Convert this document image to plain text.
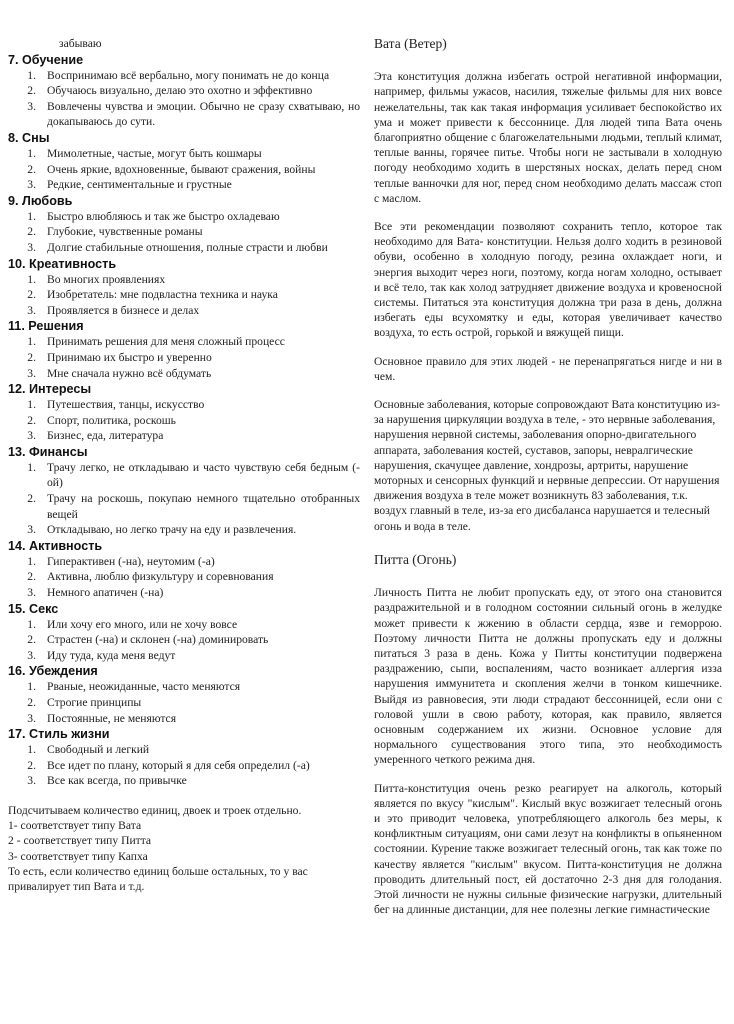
забываю
7. Обучение
1. Воспринимаю всё вербально, могу понимать не до конца
2. Обучаюсь визуально, делаю это охотно и эффективно
3. Вовлечены чувства и эмоции. Обычно не сразу схватываю, но докапываюсь до сути.
8. Сны
1. Мимолетные, частые, могут быть кошмары
2. Очень яркие, вдохновенные, бывают сражения, войны
3. Редкие, сентиментальные и грустные
9. Любовь
1. Быстро влюбляюсь и так же быстро охладеваю
2. Глубокие, чувственные романы
3. Долгие стабильные отношения, полные страсти и любви
10. Креативность
1. Во многих проявлениях
2. Изобретатель: мне подвластна техника и наука
3. Проявляется в бизнесе и делах
11. Решения
1. Принимать решения для меня сложный процесс
2. Принимаю их быстро и уверенно
3. Мне сначала нужно всё обдумать
12. Интересы
1. Путешествия, танцы, искусство
2. Спорт, политика, роскошь
3. Бизнес, еда, литература
13. Финансы
1. Трачу легко, не откладываю и часто чувствую себя бедным (-ой)
2. Трачу на роскошь, покупаю немного тщательно отобранных вещей
3. Откладываю, но легко трачу на еду и развлечения.
14. Активность
1. Гиперактивен (-на), неутомим (-а)
2. Активна, люблю физкультуру и соревнования
3. Немного апатичен (-на)
15. Секс
1. Или хочу его много, или не хочу вовсе
2. Страстен (-на) и склонен (-на) доминировать
3. Иду туда, куда меня ведут
16. Убеждения
1. Рваные, неожиданные, часто меняются
2. Строгие принципы
3. Постоянные, не меняются
17. Стиль жизни
1. Свободный и легкий
2. Все идет по плану, который я для себя определил (-а)
3. Все как всегда, по привычке
Подсчитываем количество единиц, двоек и троек отдельно.
1- соответствует типу Вата
2 - соответствует типу Питта
3- соответствует типу Капха
То есть, если количество единиц больше остальных, то у вас привалирует тип Вата и т.д.
Вата (Ветер)
Эта конституция должна избегать острой негативной информации, например, фильмы ужасов, насилия, тяжелые фильмы для них вовсе нежелательны, так как такая информация усиливает беспокойство их ума и может привести к бессоннице. Для людей типа Вата очень благоприятно общение с благожелательными людьми, теплый климат, теплые ванны, горячее питье. Чтобы ноги не застывали в холодную погоду необходимо ходить в шерстяных носках, делать перед сном теплые ванночки для ног, перед сном необходимо делать массаж стоп с маслом.
Все эти рекомендации позволяют сохранить тепло, которое так необходимо для Вата- конституции. Нельзя долго ходить в резиновой обуви, особенно в холодную погоду, резина охлаждает ноги, и энергия выходит через ноги, поэтому, когда ногам холодно, остывает и всё тело, так как холод затрудняет движение воздуха и кровеносной системы. Питаться эта конституция должна три раза в день, должна избегать еды всухомятку и еды, которая увеличивает качество воздуха, то есть острой, горькой и вяжущей пищи.
Основное правило для этих людей - не перенапрягаться нигде и ни в чем.
Основные заболевания, которые сопровождают Вата конституцию из-за нарушения циркуляции воздуха в теле, - это нервные заболевания, нарушения нервной системы, заболевания опорно-двигательного аппарата, заболевания костей, суставов, запоры, невралгические нарушения, скачущее давление, хондрозы, артриты, нарушение моторных и сенсорных функций и нервные депрессии. От нарушения движения воздуха в теле может возникнуть 83 заболевания, т.к. воздух главный в теле, из-за его дисбаланса нарушается и телесный огонь и вода в теле.
Питта (Огонь)
Личность Питта не любит пропускать еду, от этого она становится раздражительной и в голодном состоянии сильный огонь в желудке может привести к жжению в области сердца, язве и геморрою. Поэтому личности Питта не должны пропускать еду и должны питаться 3 раза в день. Кожа у Питты конституции подвержена раздражению, сыпи, воспалениям, часто возникает аллергия изза нарушения иммунитета и скопления желчи в тонком кишечнике. Выйдя из равновесия, эти люди страдают бессонницей, если они с головой ушли в свою работу, которая, как правило, является основным содержанием их жизни. Основное условие для нормального существования этого типа, это необходимость умеренного четкого режима дня.
Питта-конституция очень резко реагирует на алкоголь, который является по вкусу "кислым". Кислый вкус возжигает телесный огонь и это приводит человека, употребляющего алкоголь без меры, к конфликтным ситуациям, они сами лезут на конфликты в опьяненном состоянии. Курение также возжигает телесный огонь, так как тоже по качеству является "кислым" вкусом. Питта-конституция не должна проводить длительный пост, ей достаточно 2-3 дня для голодания. Этой личности не нужны сильные физические нагрузки, длительный бег на длинные дистанции, для нее полезны легкие гимнастические
